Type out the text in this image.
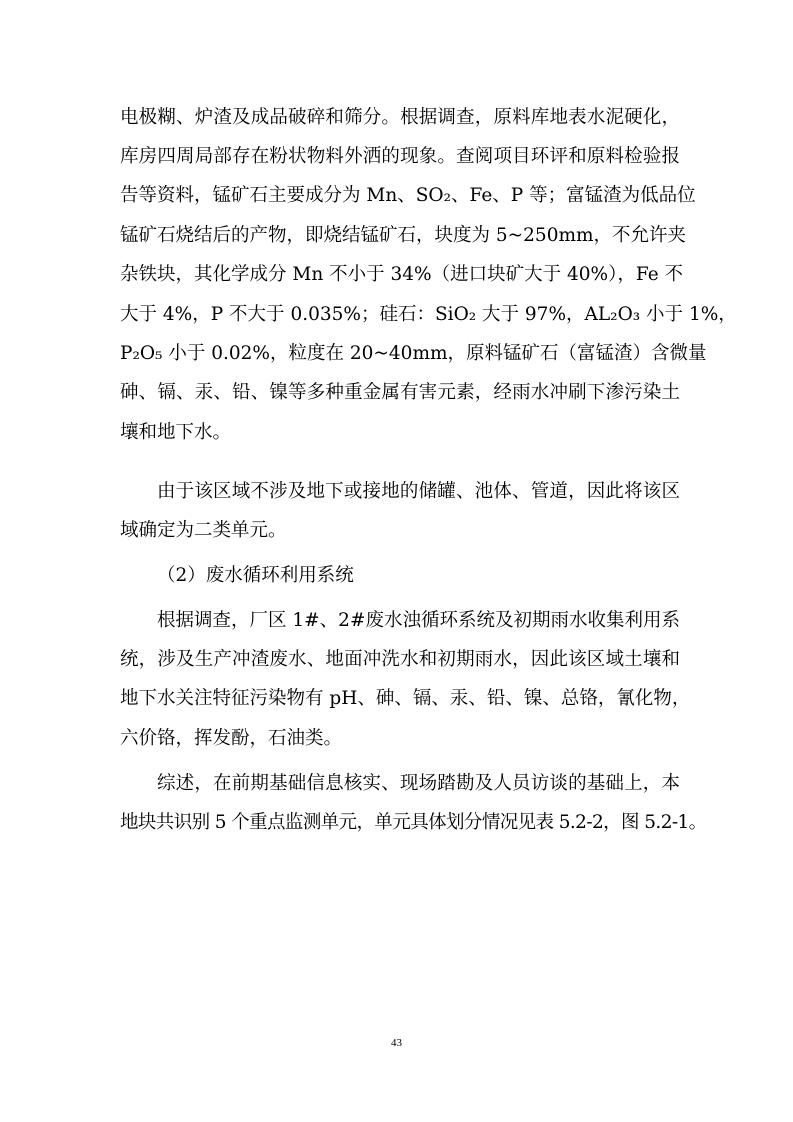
电极糊、炉渣及成品破碎和筛分。根据调查，原料库地表水泥硬化，
库房四周局部存在粉状物料外洒的现象。查阅项目环评和原料检验报
告等资料，锰矿石主要成分为 Mn、SO₂、Fe、P 等；富锰渣为低品位
锰矿石烧结后的产物，即烧结锰矿石，块度为 5~250mm，不允许夹
杂铁块，其化学成分 Mn 不小于 34%（进口块矿大于 40%），Fe 不
大于 4%，P 不大于 0.035%；硅石：SiO₂ 大于 97%，AL₂O₃ 小于 1%，
P₂O₅ 小于 0.02%，粒度在 20~40mm，原料锰矿石（富锰渣）含微量
砷、镉、汞、铅、镍等多种重金属有害元素，经雨水冲刷下渗污染土
壤和地下水。
由于该区域不涉及地下或接地的储罐、池体、管道，因此将该区
域确定为二类单元。
（2）废水循环利用系统
根据调查，厂区 1#、2#废水浊循环系统及初期雨水收集利用系
统，涉及生产冲渣废水、地面冲洗水和初期雨水，因此该区域土壤和
地下水关注特征污染物有 pH、砷、镉、汞、铅、镍、总铬，氰化物，
六价铬，挥发酚，石油类。
综述，在前期基础信息核实、现场踏勘及人员访谈的基础上，本
地块共识别 5 个重点监测单元，单元具体划分情况见表 5.2-2，图 5.2-1。
43
